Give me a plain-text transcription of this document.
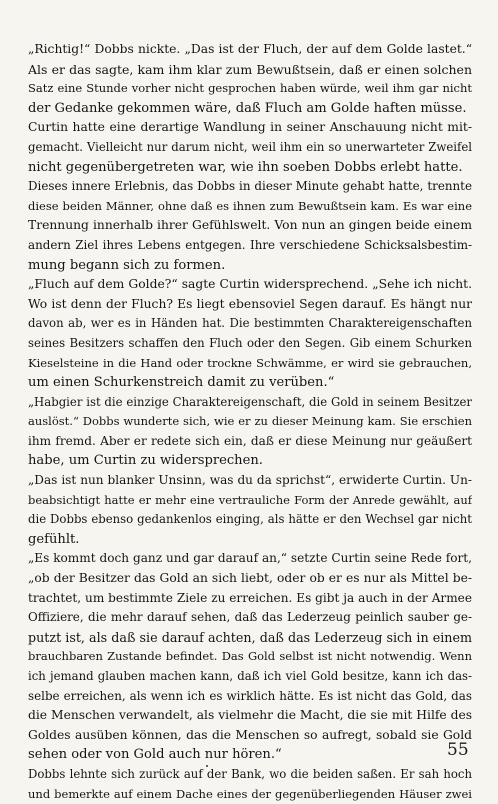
„Richtig!“ Dobbs nickte. „Das ist der Fluch, der auf dem Golde lastet.“
Als er das sagte, kam ihm klar zum Bewußtsein, daß er einen solchen
Satz eine Stunde vorher nicht gesprochen haben würde, weil ihm gar nicht
der Gedanke gekommen wäre, daß Fluch am Golde haften müsse.
Curtin hatte eine derartige Wandlung in seiner Anschauung nicht mit-
gemacht. Vielleicht nur darum nicht, weil ihm ein so unerwarteter Zweifel
nicht gegenübergetreten war, wie ihn soeben Dobbs erlebt hatte.
Dieses innere Erlebnis, das Dobbs in dieser Minute gehabt hatte, trennte
diese beiden Männer, ohne daß es ihnen zum Bewußtsein kam. Es war eine
Trennung innerhalb ihrer Gefühlswelt. Von nun an gingen beide einem
andern Ziel ihres Lebens entgegen. Ihre verschiedene Schicksalsbestim-
mung begann sich zu formen.
„Fluch auf dem Golde?“ sagte Curtin widersprechend. „Sehe ich nicht.
Wo ist denn der Fluch? Es liegt ebensoviel Segen darauf. Es hängt nur
davon ab, wer es in Händen hat. Die bestimmten Charaktereigenschaften
seines Besitzers schaffen den Fluch oder den Segen. Gib einem Schurken
Kieselsteine in die Hand oder trockne Schwämme, er wird sie gebrauchen,
um einen Schurkenstreich damit zu verüben.“
„Habgier ist die einzige Charaktereigenschaft, die Gold in seinem Besitzer
auslöst.“ Dobbs wunderte sich, wie er zu dieser Meinung kam. Sie erschien
ihm fremd. Aber er redete sich ein, daß er diese Meinung nur geäußert
habe, um Curtin zu widersprechen.
„Das ist nun blanker Unsinn, was du da sprichst“, erwiderte Curtin. Un-
beabsichtigt hatte er mehr eine vertrauliche Form der Anrede gewählt, auf
die Dobbs ebenso gedankenlos einging, als hätte er den Wechsel gar nicht
gefühlt.
„Es kommt doch ganz und gar darauf an,“ setzte Curtin seine Rede fort,
„ob der Besitzer das Gold an sich liebt, oder ob er es nur als Mittel be-
trachtet, um bestimmte Ziele zu erreichen. Es gibt ja auch in der Armee
Offiziere, die mehr darauf sehen, daß das Lederzeug peinlich sauber ge-
putzt ist, als daß sie darauf achten, daß das Lederzeug sich in einem
brauchbaren Zustande befindet. Das Gold selbst ist nicht notwendig. Wenn
ich jemand glauben machen kann, daß ich viel Gold besitze, kann ich das-
selbe erreichen, als wenn ich es wirklich hätte. Es ist nicht das Gold, das
die Menschen verwandelt, als vielmehr die Macht, die sie mit Hilfe des
Goldes ausüben können, das die Menschen so aufregt, sobald sie Gold
sehen oder von Gold auch nur hören.“
Dobbs lehnte sich zurück auf der Bank, wo die beiden saßen. Er sah hoch
und bemerkte auf einem Dache eines der gegenüberliegenden Häuser zwei
55
